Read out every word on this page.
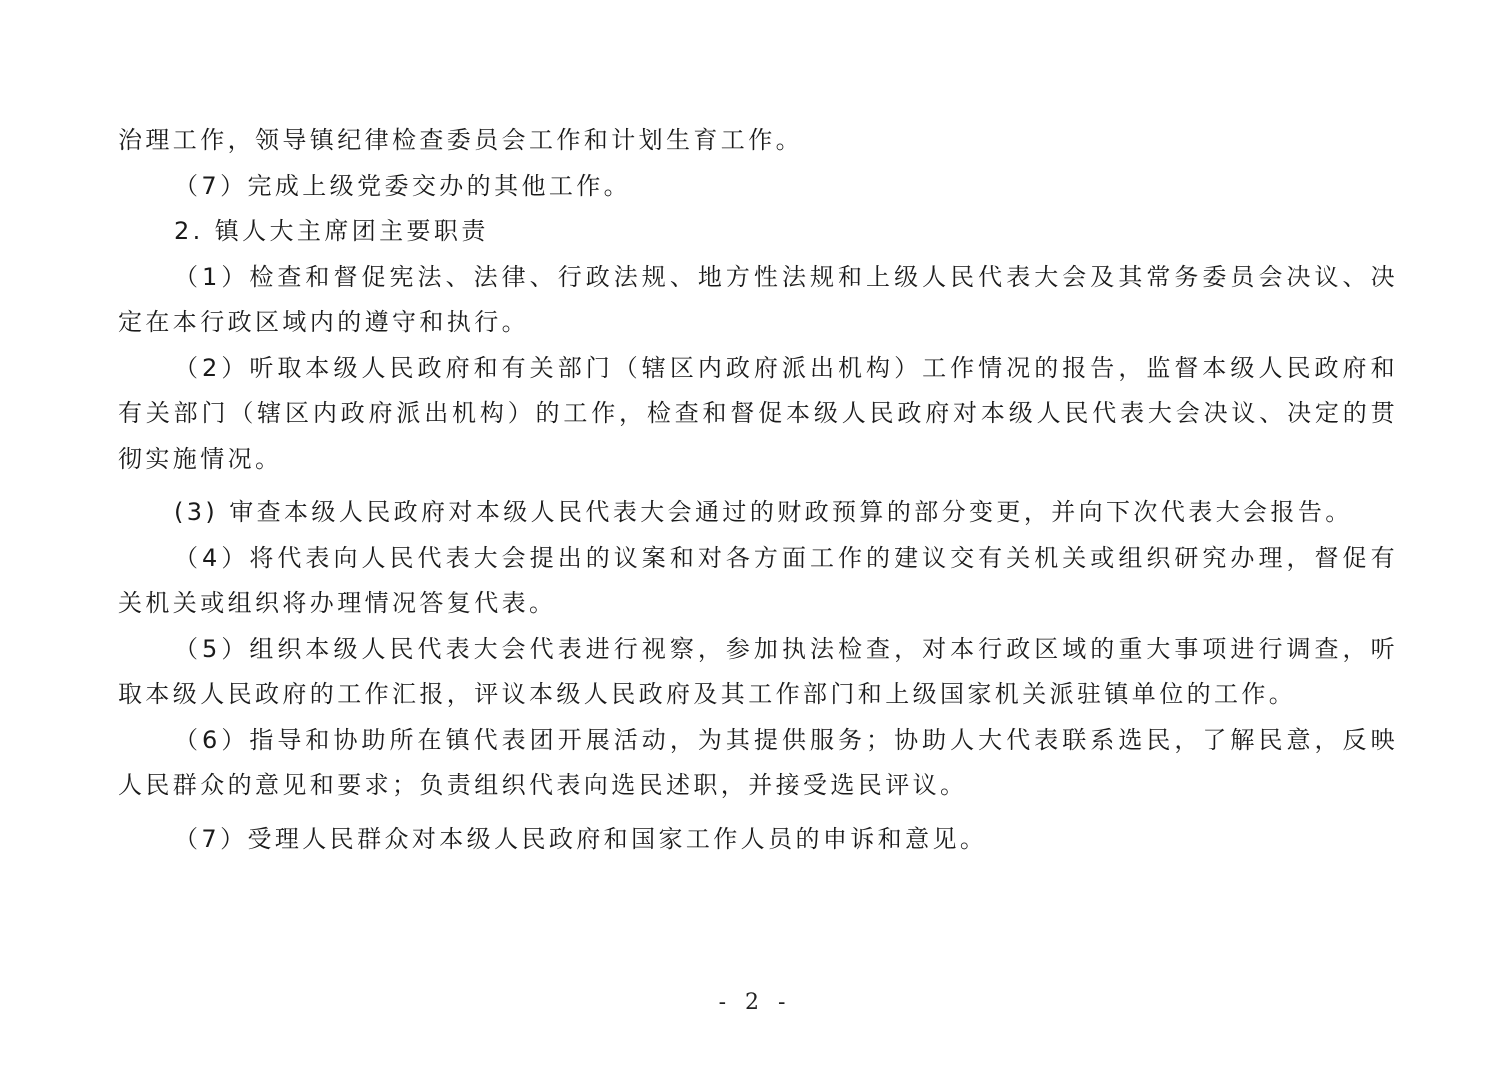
治理工作，领导镇纪律检查委员会工作和计划生育工作。

（7）完成上级党委交办的其他工作。

2. 镇人大主席团主要职责

（1）检查和督促宪法、法律、行政法规、地方性法规和上级人民代表大会及其常务委员会决议、决定在本行政区域内的遵守和执行。

（2）听取本级人民政府和有关部门（辖区内政府派出机构）工作情况的报告，监督本级人民政府和有关部门（辖区内政府派出机构）的工作，检查和督促本级人民政府对本级人民代表大会决议、决定的贯彻实施情况。

(3) 审查本级人民政府对本级人民代表大会通过的财政预算的部分变更，并向下次代表大会报告。

（4）将代表向人民代表大会提出的议案和对各方面工作的建议交有关机关或组织研究办理，督促有关机关或组织将办理情况答复代表。

（5）组织本级人民代表大会代表进行视察，参加执法检查，对本行政区域的重大事项进行调查，听取本级人民政府的工作汇报，评议本级人民政府及其工作部门和上级国家机关派驻镇单位的工作。

（6）指导和协助所在镇代表团开展活动，为其提供服务；协助人大代表联系选民，了解民意，反映人民群众的意见和要求；负责组织代表向选民述职，并接受选民评议。

（7）受理人民群众对本级人民政府和国家工作人员的申诉和意见。

- 2 -
